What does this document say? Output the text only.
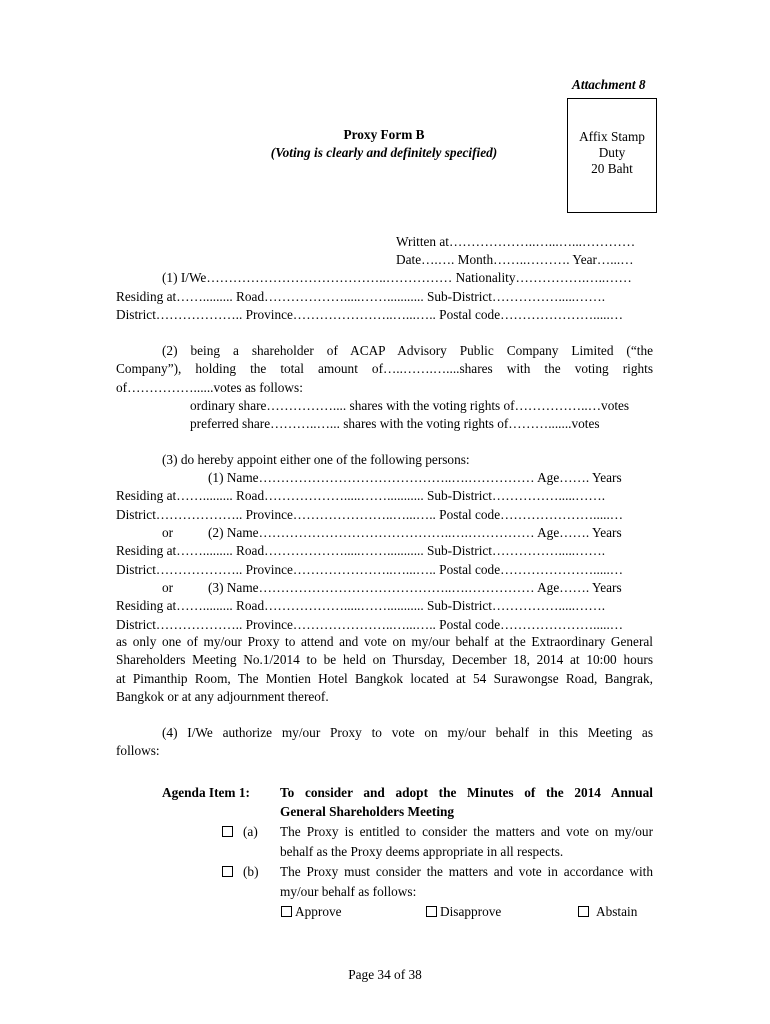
Attachment 8
Proxy Form B
(Voting is clearly and definitely specified)
Affix Stamp
Duty
20 Baht
Written at………………..…...…...…………
Date….…. Month……..………. Year…...…
(1) I/We…………………………………..…………… Nationality…………….…..……
Residing at……......... Road……………….....……........... Sub-District…………….....…….
District……………….. Province…………………..…...….. Postal code………………….....…
(2) being a shareholder of ACAP Advisory Public Company Limited (“the
Company”), holding the total amount of…..…….…....shares with the voting rights
of……………......votes as follows:
ordinary share…………….... shares with the voting rights of……………..…votes
preferred share………..…... shares with the voting rights of……….......votes
(3) do hereby appoint either one of the following persons:
(1) Name……………………………………..….…………… Age……. Years
Residing at……......... Road……………….....……........... Sub-District…………….....…….
District……………….. Province…………………..…...….. Postal code………………….....…
or	(2) Name……………………………………..….…………… Age……. Years
Residing at……......... Road……………….....……........... Sub-District…………….....…….
District……………….. Province…………………..…...….. Postal code………………….....…
or	(3) Name……………………………………..….…………… Age……. Years
Residing at……......... Road……………….....……........... Sub-District…………….....…….
District……………….. Province…………………..…...….. Postal code………………….....…
as only one of my/our Proxy to attend and vote on my/our behalf at the Extraordinary General
Shareholders Meeting No.1/2014 to be held on Thursday, December 18, 2014 at 10:00 hours
at Pimanthip Room, The Montien Hotel Bangkok located at 54 Surawongse Road, Bangrak,
Bangkok or at any adjournment thereof.
(4) I/We authorize my/our Proxy to vote on my/our behalf in this Meeting as
follows:
Agenda Item 1: To consider and adopt the Minutes of the 2014 Annual
General Shareholders Meeting
(a) The Proxy is entitled to consider the matters and vote on my/our
behalf as the Proxy deems appropriate in all respects.
(b) The Proxy must consider the matters and vote in accordance with
my/our behalf as follows:
Approve	Disapprove	Abstain
Page 34 of 38
